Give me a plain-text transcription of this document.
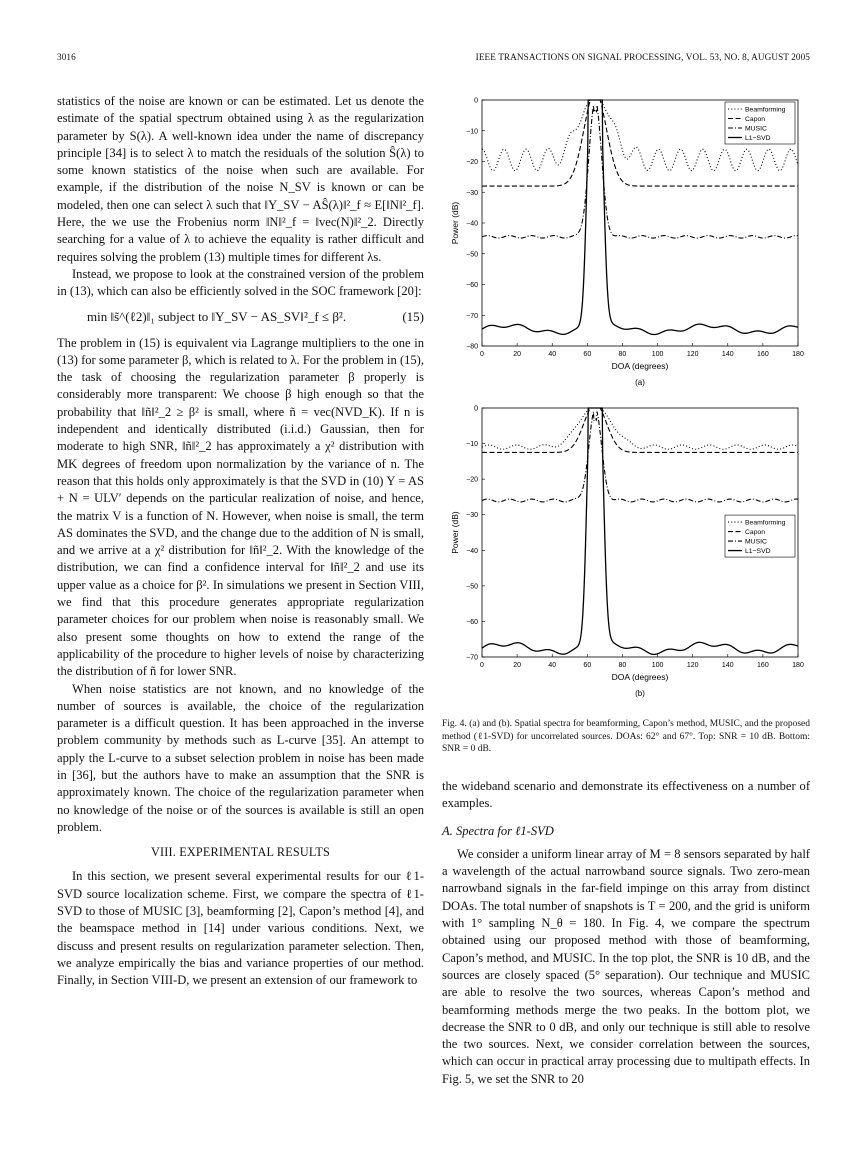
3016	IEEE TRANSACTIONS ON SIGNAL PROCESSING, VOL. 53, NO. 8, AUGUST 2005

statistics of the noise are known or can be estimated. Let us denote the estimate of the spatial spectrum obtained using λ as the regularization parameter by S(λ). A well-known idea under the name of discrepancy principle [34] is to select λ to match the residuals of the solution Ŝ(λ) to some known statistics of the noise when such are available. For example, if the distribution of the noise N_SV is known or can be modeled, then one can select λ such that ‖Y_SV − AŜ(λ)‖²_f ≈ E[‖N‖²_f]. Here, the we use the Frobenius norm ‖N‖²_f = ‖vec(N)‖²_2. Directly searching for a value of λ to achieve the equality is rather difficult and requires solving the problem (13) multiple times for different λs.

Instead, we propose to look at the constrained version of the problem in (13), which can also be efficiently solved in the SOC framework [20]:

min ‖s̃^(ℓ2)‖₁ subject to ‖Y_SV − AS_SV‖²_f ≤ β².	(15)

The problem in (15) is equivalent via Lagrange multipliers to the one in (13) for some parameter β, which is related to λ. For the problem in (15), the task of choosing the regularization parameter β properly is considerably more transparent: We choose β high enough so that the probability that ‖ñ‖²_2 ≥ β² is small, where ñ = vec(NVD_K). If n is independent and identically distributed (i.i.d.) Gaussian, then for moderate to high SNR, ‖ñ‖²_2 has approximately a χ² distribution with MK degrees of freedom upon normalization by the variance of n. The reason that this holds only approximately is that the SVD in (10) Y = AS + N = ULV′ depends on the particular realization of noise, and hence, the matrix V is a function of N. However, when noise is small, the term AS dominates the SVD, and the change due to the addition of N is small, and we arrive at a χ² distribution for ‖ñ‖²_2. With the knowledge of the distribution, we can find a confidence interval for ‖ñ‖²_2 and use its upper value as a choice for β². In simulations we present in Section VIII, we find that this procedure generates appropriate regularization parameter choices for our problem when noise is reasonably small. We also present some thoughts on how to extend the range of the applicability of the procedure to higher levels of noise by characterizing the distribution of ñ for lower SNR.

When noise statistics are not known, and no knowledge of the number of sources is available, the choice of the regularization parameter is a difficult question. It has been approached in the inverse problem community by methods such as L-curve [35]. An attempt to apply the L-curve to a subset selection problem in noise has been made in [36], but the authors have to make an assumption that the SNR is approximately known. The choice of the regularization parameter when no knowledge of the noise or of the sources is available is still an open problem.

VIII. EXPERIMENTAL RESULTS

In this section, we present several experimental results for our ℓ1-SVD source localization scheme. First, we compare the spectra of ℓ1-SVD to those of MUSIC [3], beamforming [2], Capon’s method [4], and the beamspace method in [14] under various conditions. Next, we discuss and present results on regularization parameter selection. Then, we analyze empirically the bias and variance properties of our method. Finally, in Section VIII-D, we present an extension of our framework to

0	20	40	60	80	100	120	140	160	180
0
−10
−20
−30
−40
−50
−60
−70
−80
DOA (degrees)
Power (dB)
(a)
Beamforming
Capon
MUSIC
L1−SVD
0	20	40	60	80	100	120	140	160	180
0
−10
−20
−30
−40
−50
−60
−70
DOA (degrees)
Power (dB)
(b)
Beamforming
Capon
MUSIC
L1−SVD
Fig. 4. (a) and (b). Spatial spectra for beamforming, Capon’s method, MUSIC, and the proposed method (ℓ1-SVD) for uncorrelated sources. DOAs: 62° and 67°. Top: SNR = 10 dB. Bottom: SNR = 0 dB.

the wideband scenario and demonstrate its effectiveness on a number of examples.

A. Spectra for ℓ1-SVD

We consider a uniform linear array of M = 8 sensors separated by half a wavelength of the actual narrowband source signals. Two zero-mean narrowband signals in the far-field impinge on this array from distinct DOAs. The total number of snapshots is T = 200, and the grid is uniform with 1° sampling N_θ = 180. In Fig. 4, we compare the spectrum obtained using our proposed method with those of beamforming, Capon’s method, and MUSIC. In the top plot, the SNR is 10 dB, and the sources are closely spaced (5° separation). Our technique and MUSIC are able to resolve the two sources, whereas Capon’s method and beamforming methods merge the two peaks. In the bottom plot, we decrease the SNR to 0 dB, and only our technique is still able to resolve the two sources. Next, we consider correlation between the sources, which can occur in practical array processing due to multipath effects. In Fig. 5, we set the SNR to 20
